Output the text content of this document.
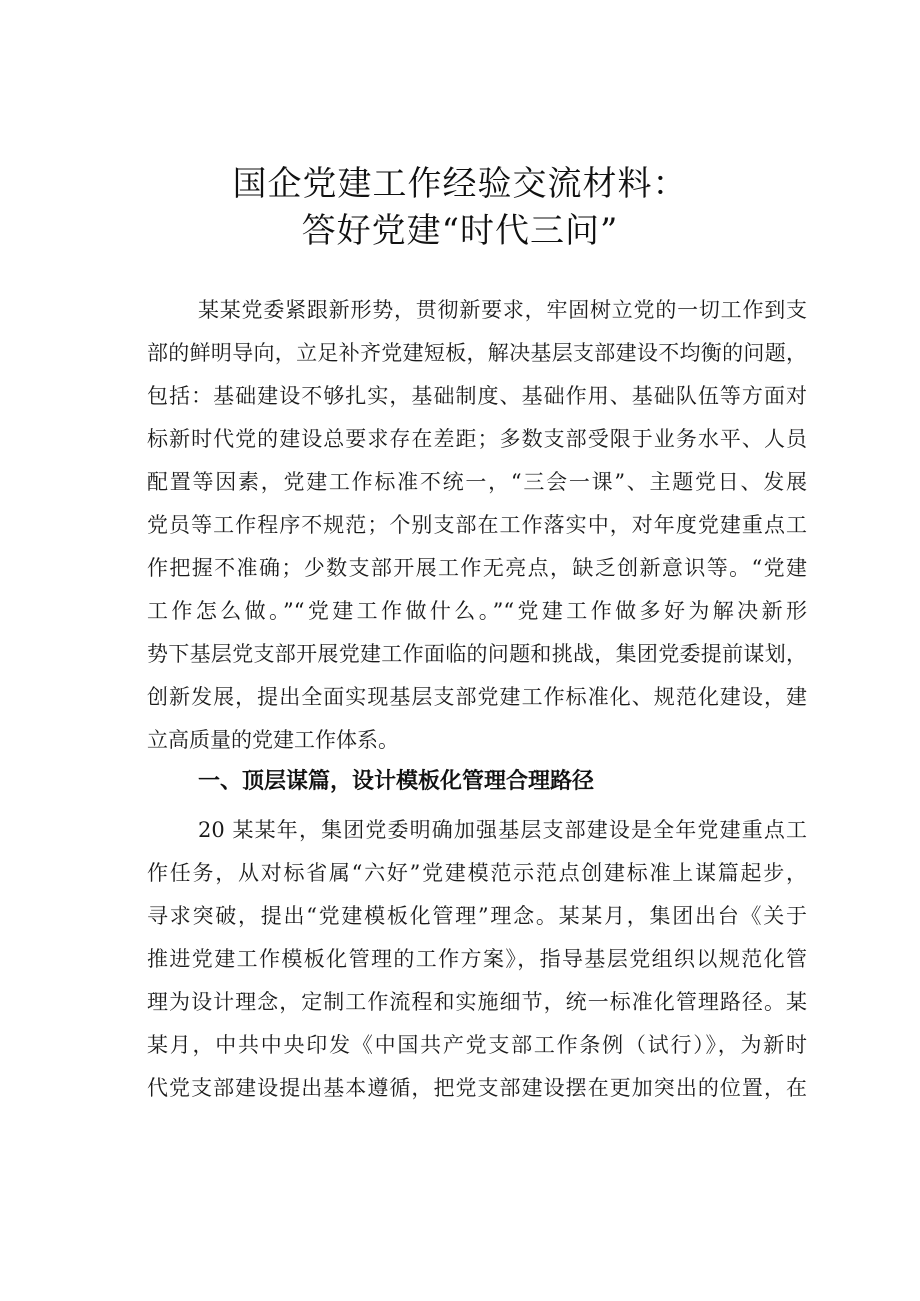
国企党建工作经验交流材料：
答好党建“时代三问”
某某党委紧跟新形势，贯彻新要求，牢固树立党的一切工作到支
部的鲜明导向，立足补齐党建短板，解决基层支部建设不均衡的问题，
包括：基础建设不够扎实，基础制度、基础作用、基础队伍等方面对
标新时代党的建设总要求存在差距；多数支部受限于业务水平、人员
配置等因素，党建工作标准不统一，“三会一课”、主题党日、发展
党员等工作程序不规范；个别支部在工作落实中，对年度党建重点工
作把握不准确；少数支部开展工作无亮点，缺乏创新意识等。“党建
工作怎么做。”“党建工作做什么。”“党建工作做多好为解决新形
势下基层党支部开展党建工作面临的问题和挑战，集团党委提前谋划，
创新发展，提出全面实现基层支部党建工作标准化、规范化建设，建
立高质量的党建工作体系。
一、顶层谋篇，设计模板化管理合理路径
20 某某年，集团党委明确加强基层支部建设是全年党建重点工
作任务，从对标省属“六好”党建模范示范点创建标准上谋篇起步，
寻求突破，提出“党建模板化管理”理念。某某月，集团出台《关于
推进党建工作模板化管理的工作方案》，指导基层党组织以规范化管
理为设计理念，定制工作流程和实施细节，统一标准化管理路径。某
某月，中共中央印发《中国共产党支部工作条例（试行）》，为新时
代党支部建设提出基本遵循，把党支部建设摆在更加突出的位置，在
